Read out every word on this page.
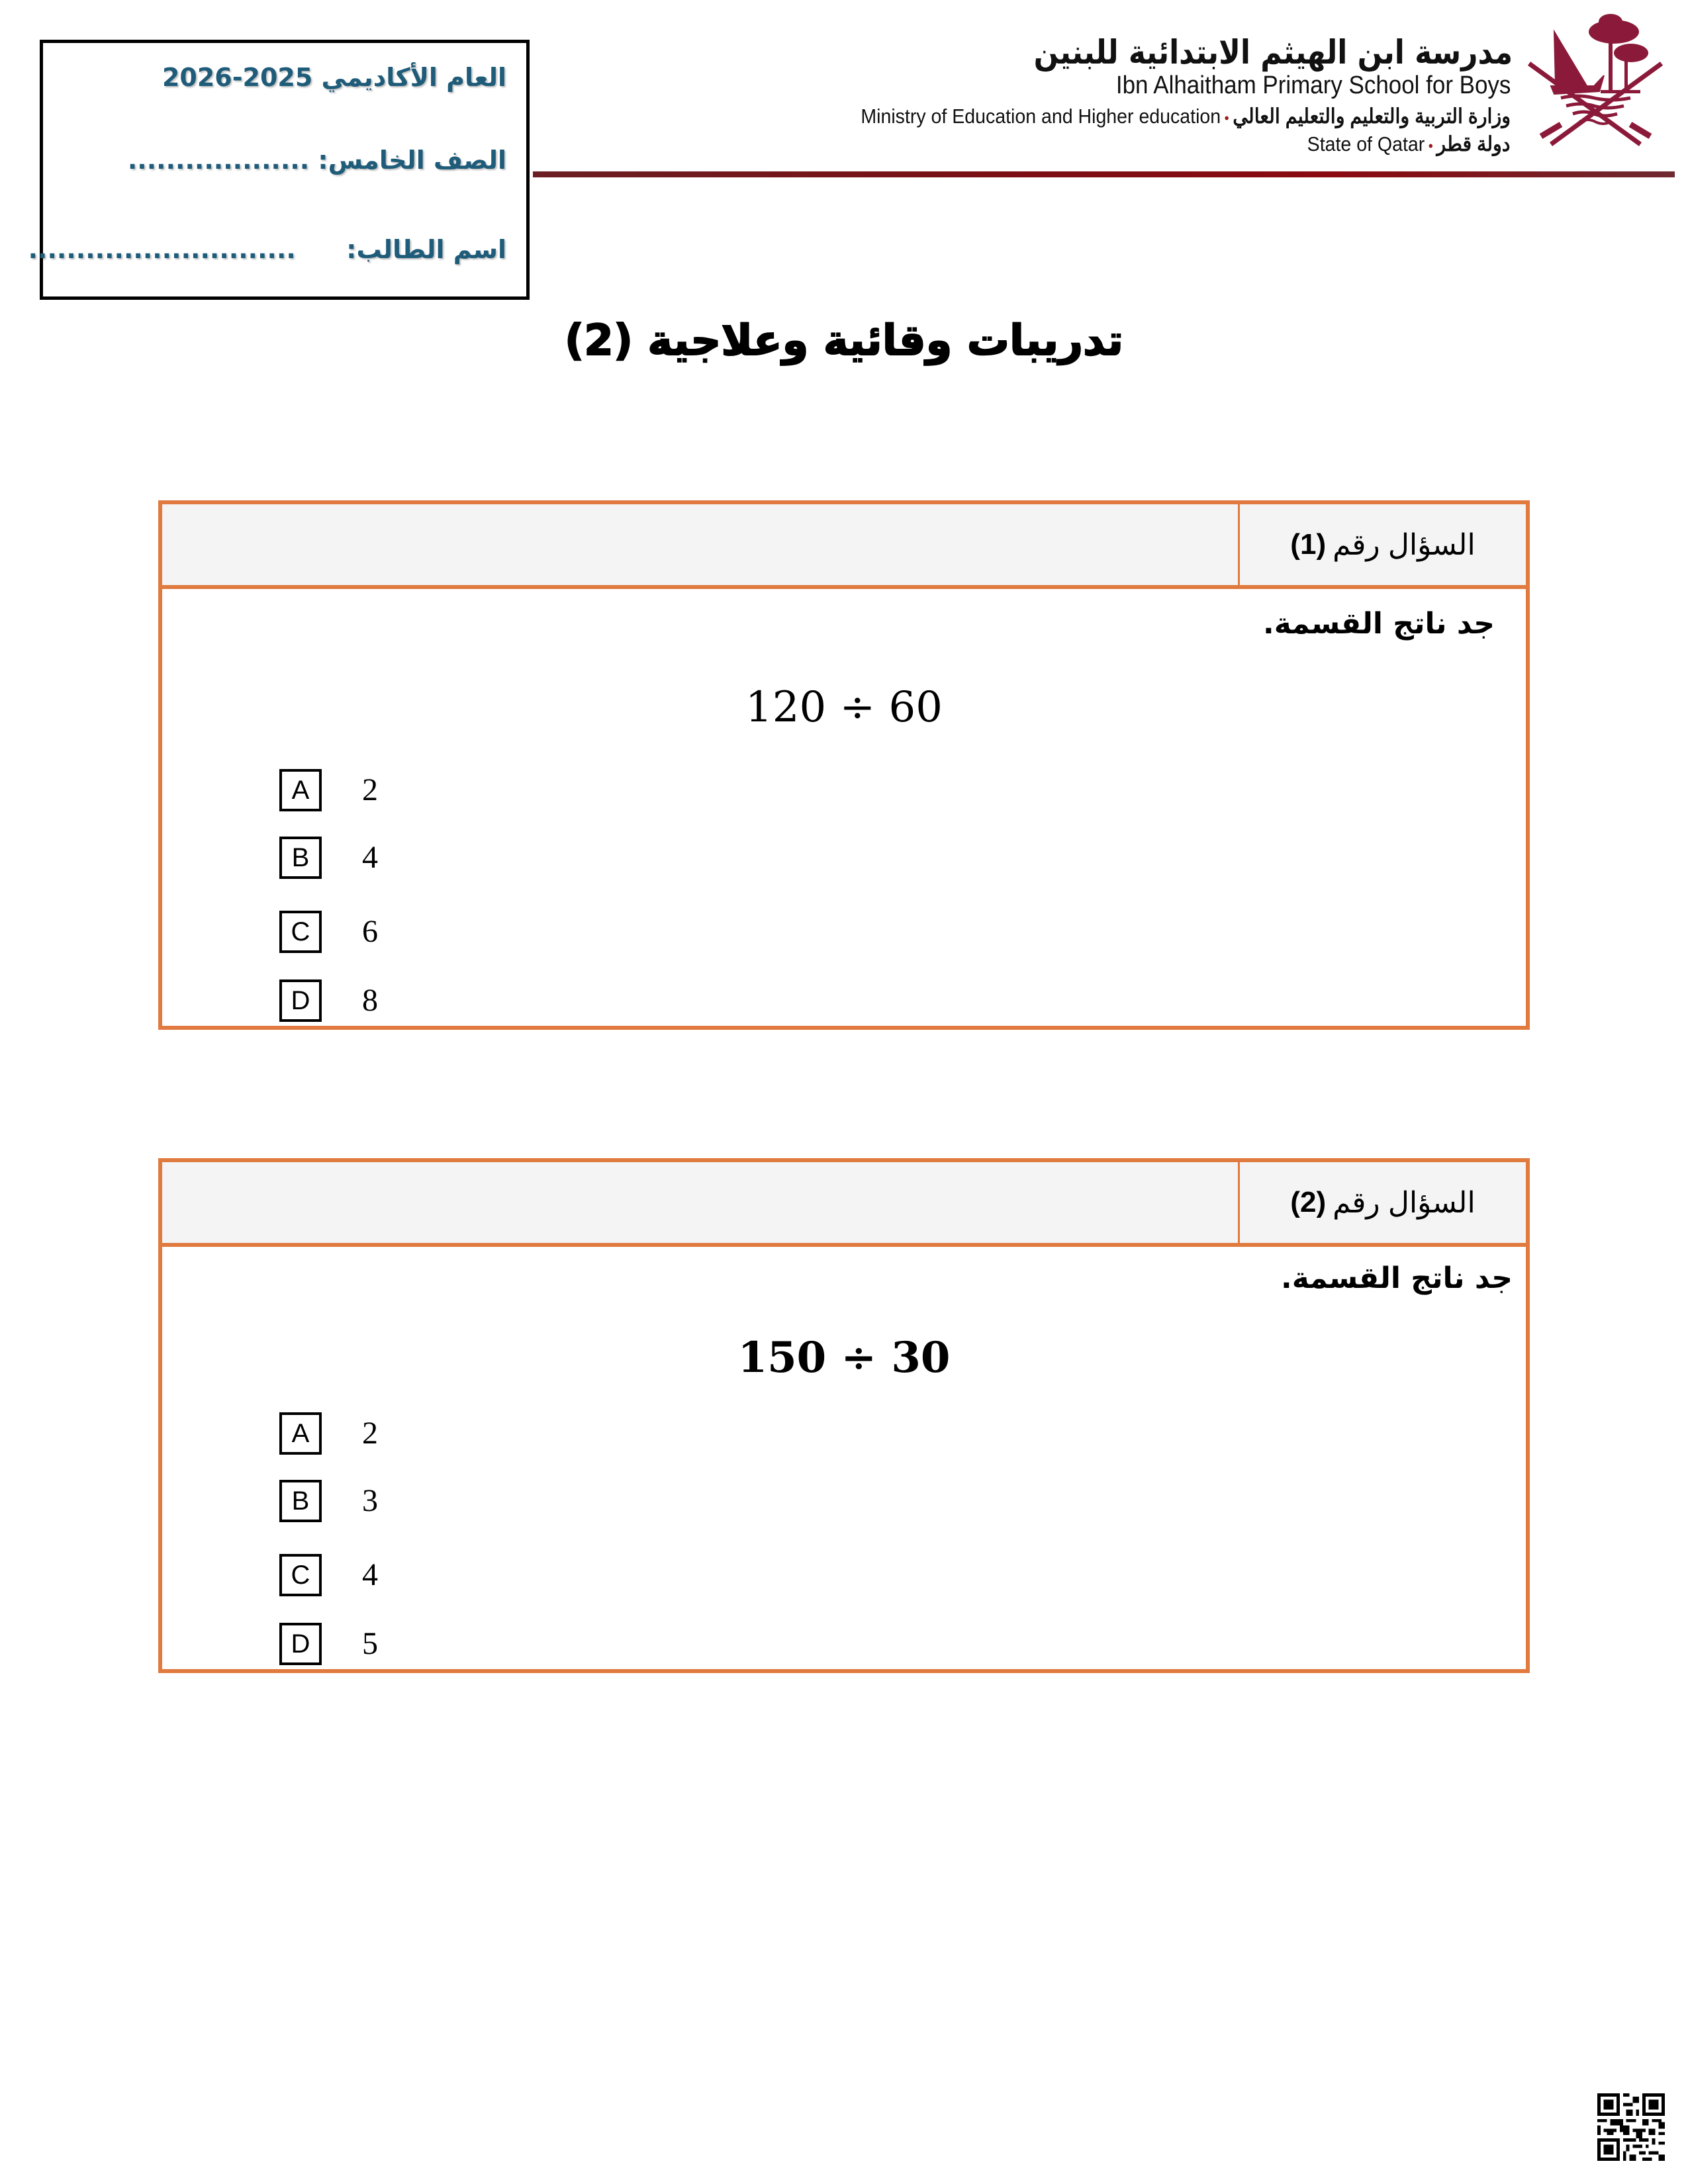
العام الأكاديمي 2025-2026
الصف الخامس: ...................
اسم الطالب:  ............................
مدرسة ابن الهيثم الابتدائية للبنين
Ibn Alhaitham Primary School for Boys
Ministry of Education and Higher education • وزارة التربية والتعليم والتعليم العالي
State of Qatar • دولة قطر
تدريبات وقائية وعلاجية (2)
السؤال رقم
(1)
جد ناتج القسمة.
120 ÷ 60
A	2
B	4
C	6
D	8
السؤال رقم
(2)
جد ناتج القسمة.
150 ÷ 30
A	2
B	3
C	4
D	5
